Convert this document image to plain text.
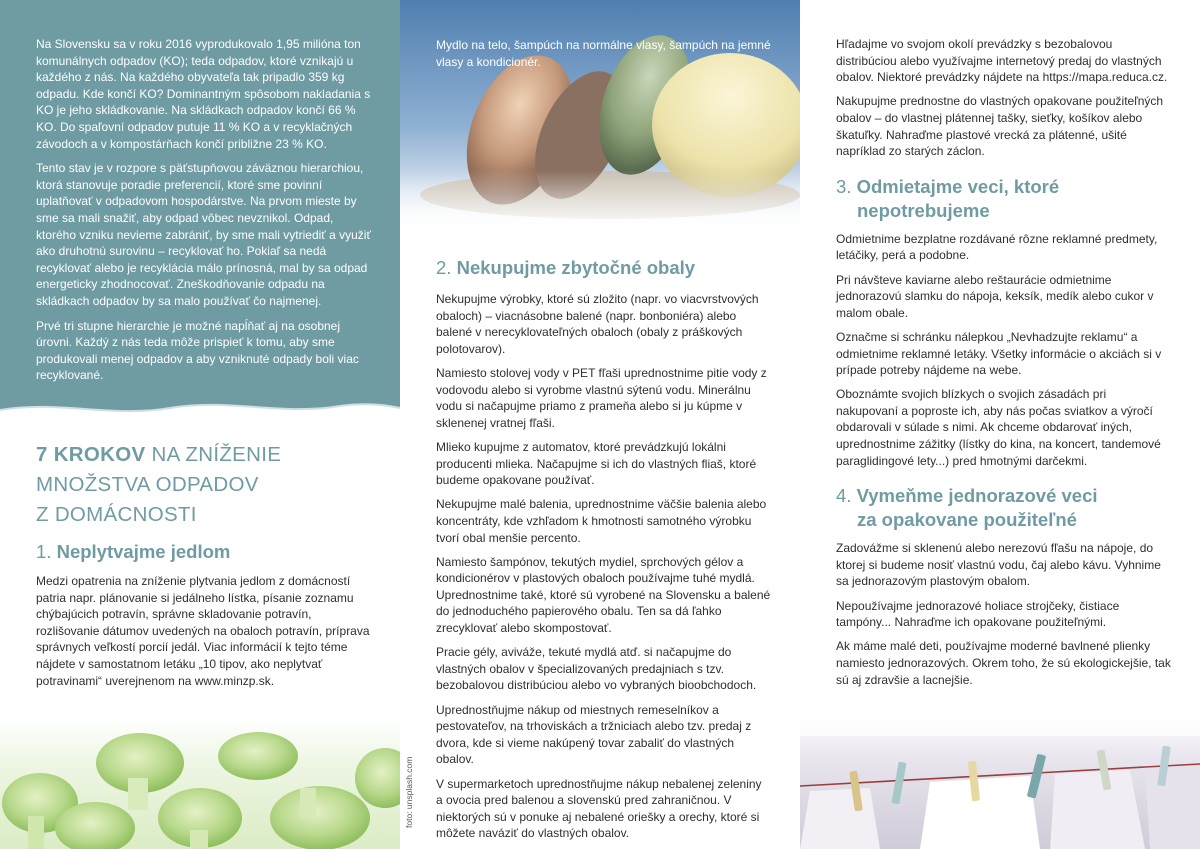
Na Slovensku sa v roku 2016 vyprodukovalo 1,95 milióna ton komunálnych odpadov (KO); teda odpadov, ktoré vznikajú u každého z nás. Na každého obyvateľa tak pripadlo 359 kg odpadu. Kde končí KO? Dominantným spôsobom nakladania s KO je jeho skládkovanie. Na skládkach odpadov končí 66 % KO. Do spaľovní odpadov putuje 11 % KO a v recyklačných závodoch a v kompostárňach končí približne 23 % KO.

Tento stav je v rozpore s päťstupňovou záväznou hierarchiou, ktorá stanovuje poradie preferencií, ktoré sme povinní uplatňovať v odpadovom hospodárstve. Na prvom mieste by sme sa mali snažiť, aby odpad vôbec nevznikol. Odpad, ktorého vzniku nevieme zabrániť, by sme mali vytriediť a využiť ako druhotnú surovinu – recyklovať ho. Pokiaľ sa nedá recyklovať alebo je recyklácia málo prínosná, mal by sa odpad energeticky zhodnocovať. Zneškodňovanie odpadu na skládkach odpadov by sa malo používať čo najmenej.

Prvé tri stupne hierarchie je možné napĺňať aj na osobnej úrovni. Každý z nás teda môže prispieť k tomu, aby sme produkovali menej odpadov a aby vzniknuté odpady boli viac recyklované.

7 KROKOV NA ZNÍŽENIE
MNOŽSTVA ODPADOV
Z DOMÁCNOSTI
1. Neplytvajme jedlom

Medzi opatrenia na zníženie plytvania jedlom z domácností patria napr. plánovanie si jedálneho lístka, písanie zoznamu chýbajúcich potravín, správne skladovanie potravín, rozlišovanie dátumov uvedených na obaloch potravín, príprava správnych veľkostí porcií jedál. Viac informácií k tejto téme nájdete v samostatnom letáku „10 tipov, ako neplytvať potravinami“ uverejnenom na www.minzp.sk.

foto: unsplash.com

Mydlo na telo, šampúch na normálne vlasy, šampúch na jemné vlasy a kondicionér.

2. Nekupujme zbytočné obaly

Nekupujme výrobky, ktoré sú zložito (napr. vo viacvrstvových obaloch) – viacnásobne balené (napr. bonboniéra) alebo balené v nerecyklovateľných obaloch (obaly z práškových polotovarov).

Namiesto stolovej vody v PET fľaši uprednostnime pitie vody z vodovodu alebo si vyrobme vlastnú sýtenú vodu. Minerálnu vodu si načapujme priamo z prameňa alebo si ju kúpme v sklenenej vratnej fľaši.

Mlieko kupujme z automatov, ktoré prevádzkujú lokálni producenti mlieka. Načapujme si ich do vlastných fliaš, ktoré budeme opakovane používať.

Nekupujme malé balenia, uprednostnime väčšie balenia alebo koncentráty, kde vzhľadom k hmotnosti samotného výrobku tvorí obal menšie percento.

Namiesto šampónov, tekutých mydiel, sprchových gélov a kondicionérov v plastových obaloch používajme tuhé mydlá. Uprednostnime také, ktoré sú vyrobené na Slovensku a balené do jednoduchého papierového obalu. Ten sa dá ľahko zrecyklovať alebo skompostovať.

Pracie gély, aviváže, tekuté mydlá atď. si načapujme do vlastných obalov v špecializovaných predajniach s tzv. bezobalovou distribúciou alebo vo vybraných bioobchodoch.

Uprednostňujme nákup od miestnych remeselníkov a pestovateľov, na trhoviskách a tržniciach alebo tzv. predaj z dvora, kde si vieme nakúpený tovar zabaliť do vlastných obalov.

V supermarketoch uprednostňujme nákup nebalenej zeleniny a ovocia pred balenou a slovenskú pred zahraničnou. V niektorých sú v ponuke aj nebalené oriešky a orechy, ktoré si môžete naváziť do vlastných obalov.

Hľadajme vo svojom okolí prevádzky s bezobalovou distribúciou alebo využívajme internetový predaj do vlastných obalov. Niektoré prevádzky nájdete na https://mapa.reduca.cz.

Nakupujme prednostne do vlastných opakovane použiteľných obalov – do vlastnej plátennej tašky, sieťky, košíkov alebo škatuľky. Nahraďme plastové vrecká za plátenné, ušité napríklad zo starých záclon.

3. Odmietajme veci, ktoré
nepotrebujeme

Odmietnime bezplatne rozdávané rôzne reklamné predmety, letáčiky, perá a podobne.

Pri návšteve kaviarne alebo reštaurácie odmietnime jednorazovú slamku do nápoja, keksík, medík alebo cukor v malom obale.

Označme si schránku nálepkou „Nevhadzujte reklamu“ a odmietnime reklamné letáky. Všetky informácie o akciách si v prípade potreby nájdeme na webe.

Oboznámte svojich blízkych o svojich zásadách pri nakupovaní a poproste ich, aby nás počas sviatkov a výročí obdarovali v súlade s nimi. Ak chceme obdarovať iných, uprednostnime zážitky (lístky do kina, na koncert, tandemové paraglidingové lety...) pred hmotnými darčekmi.

4. Vymeňme jednorazové veci
za opakovane použiteľné

Zadovážme si sklenenú alebo nerezovú fľašu na nápoje, do ktorej si budeme nosiť vlastnú vodu, čaj alebo kávu. Vyhnime sa jednorazovým plastovým obalom.

Nepoužívajme jednorazové holiace strojčeky, čistiace tampóny... Nahraďme ich opakovane použiteľnými.

Ak máme malé deti, používajme moderné bavlnené plienky namiesto jednorazových. Okrem toho, že sú ekologickejšie, tak sú aj zdravšie a lacnejšie.
